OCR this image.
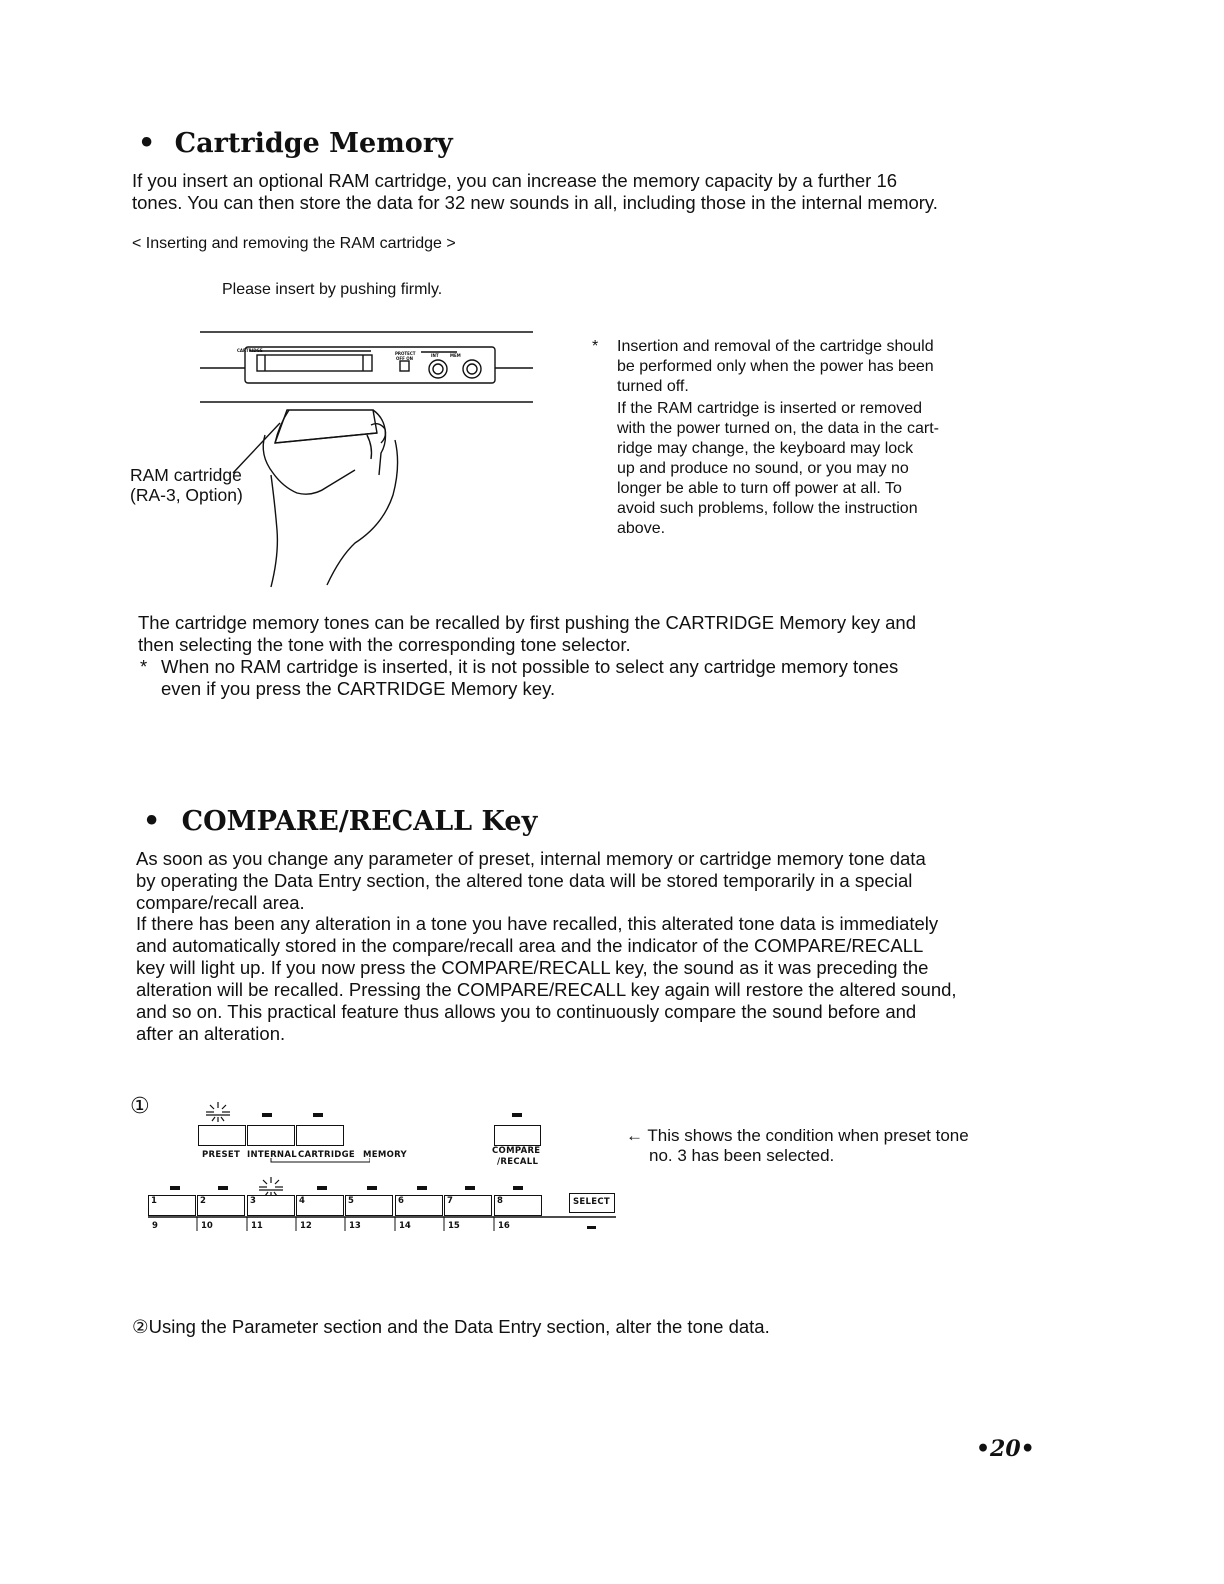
• Cartridge Memory
If you insert an optional RAM cartridge, you can increase the memory capacity by a further 16
tones. You can then store the data for 32 new sounds in all, including those in the internal memory.
< Inserting and removing the RAM cartridge >
Please insert by pushing firmly.
CARTRIDGE
PROTECT
OFF ON
INT	MEM
RAM cartridge
(RA-3, Option)
* Insertion and removal of the cartridge should
be performed only when the power has been
turned off.
If the RAM cartridge is inserted or removed
with the power turned on, the data in the cart-
ridge may change, the keyboard may lock
up and produce no sound, or you may no
longer be able to turn off power at all. To
avoid such problems, follow the instruction
above.
The cartridge memory tones can be recalled by first pushing the CARTRIDGE Memory key and
then selecting the tone with the corresponding tone selector.
* When no RAM cartridge is inserted, it is not possible to select any cartridge memory tones
even if you press the CARTRIDGE Memory key.
• COMPARE/RECALL Key
As soon as you change any parameter of preset, internal memory or cartridge memory tone data
by operating the Data Entry section, the altered tone data will be stored temporarily in a special
compare/recall area.
If there has been any alteration in a tone you have recalled, this alterated tone data is immediately
and automatically stored in the compare/recall area and the indicator of the COMPARE/RECALL
key will light up. If you now press the COMPARE/RECALL key, the sound as it was preceding the
alteration will be recalled. Pressing the COMPARE/RECALL key again will restore the altered sound,
and so on. This practical feature thus allows you to continuously compare the sound before and
after an alteration.
①
PRESET INTERNAL CARTRIDGE MEMORY	COMPARE
/RECALL
1	2	3	4	5	6	7	8	SELECT
9	10	11	12	13	14	15	16
← This shows the condition when preset tone
no. 3 has been selected.
②Using the Parameter section and the Data Entry section, alter the tone data.
•20•
